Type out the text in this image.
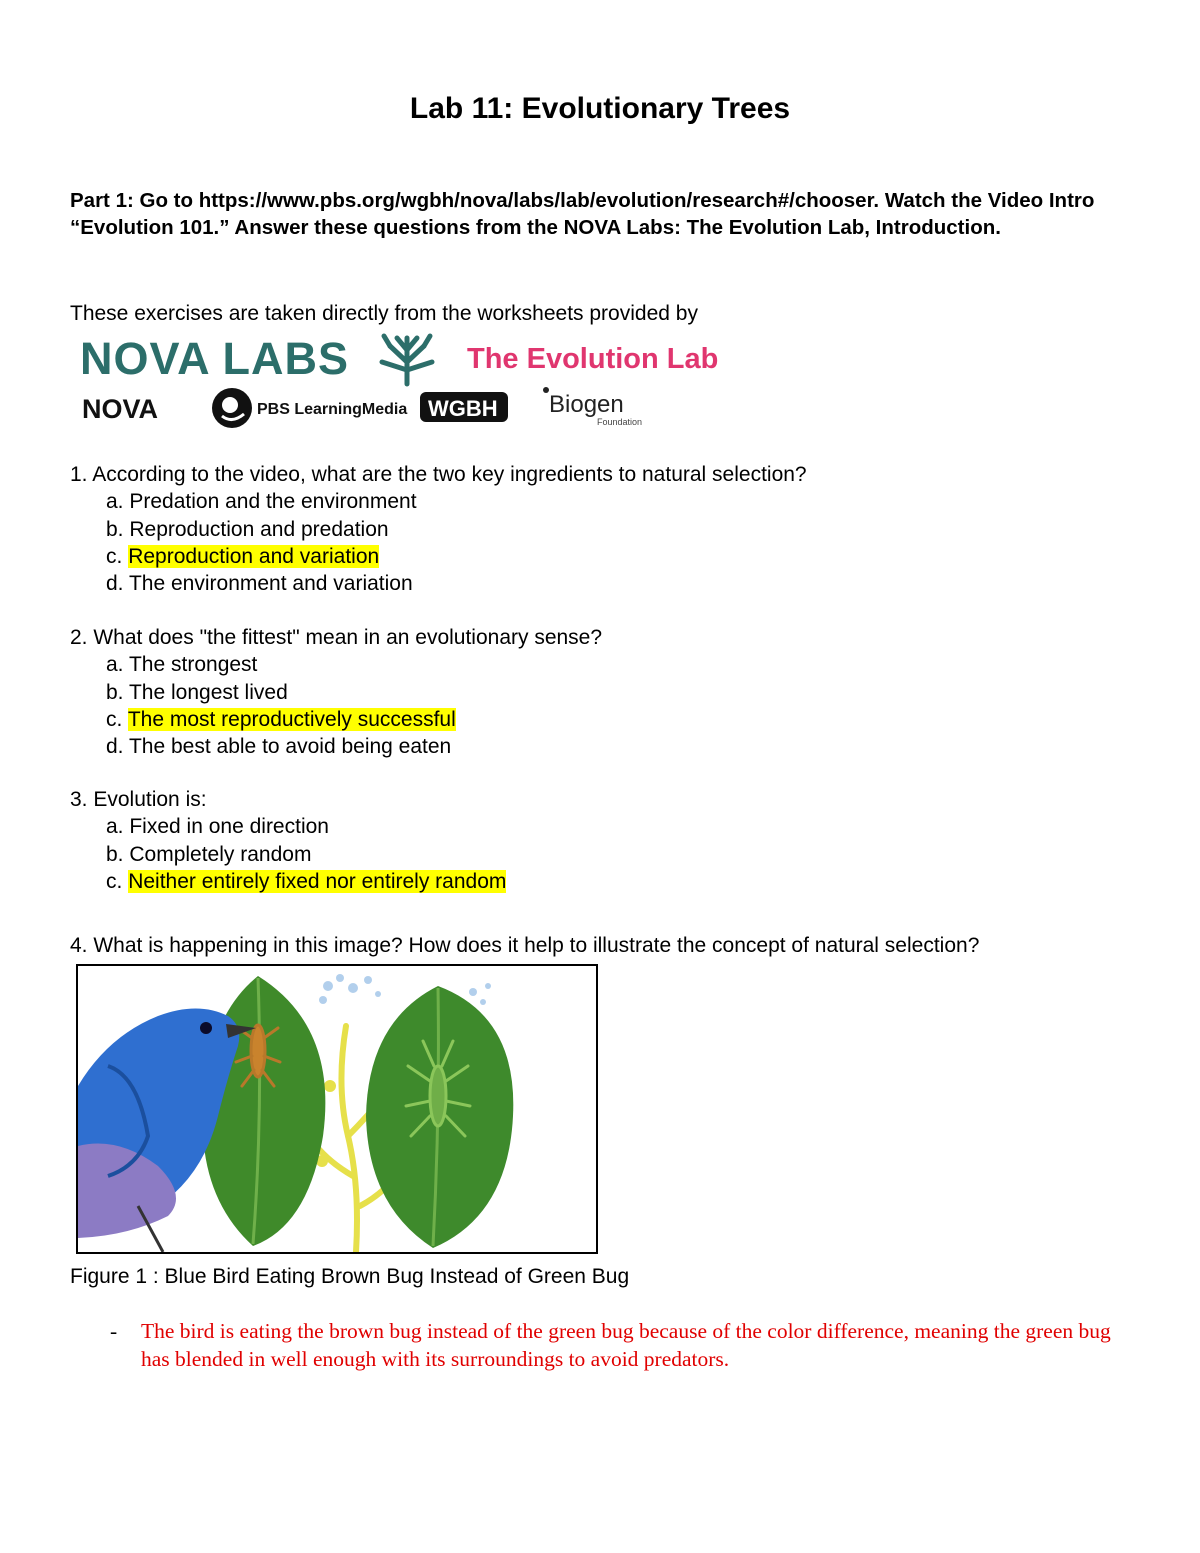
Lab 11: Evolutionary Trees
Part 1: Go to https://www.pbs.org/wgbh/nova/labs/lab/evolution/research#/chooser. Watch the Video Intro “Evolution 101.” Answer these questions from the NOVA Labs: The Evolution Lab, Introduction.
These exercises are taken directly from the worksheets provided by
NOVA LABS	The Evolution Lab
NOVA	PBS LearningMedia WGBH Biogen
Foundation
1. According to the video, what are the two key ingredients to natural selection?
a. Predation and the environment
b. Reproduction and predation
c. Reproduction and variation
d. The environment and variation
2. What does "the fittest" mean in an evolutionary sense?
a. The strongest
b. The longest lived
c. The most reproductively successful
d. The best able to avoid being eaten
3. Evolution is:
a. Fixed in one direction
b. Completely random
c. Neither entirely fixed nor entirely random
4. What is happening in this image? How does it help to illustrate the concept of natural selection?
Figure 1 : Blue Bird Eating Brown Bug Instead of Green Bug
-	The bird is eating the brown bug instead of the green bug because of the color difference, meaning the green bug has blended in well enough with its surroundings to avoid predators.
